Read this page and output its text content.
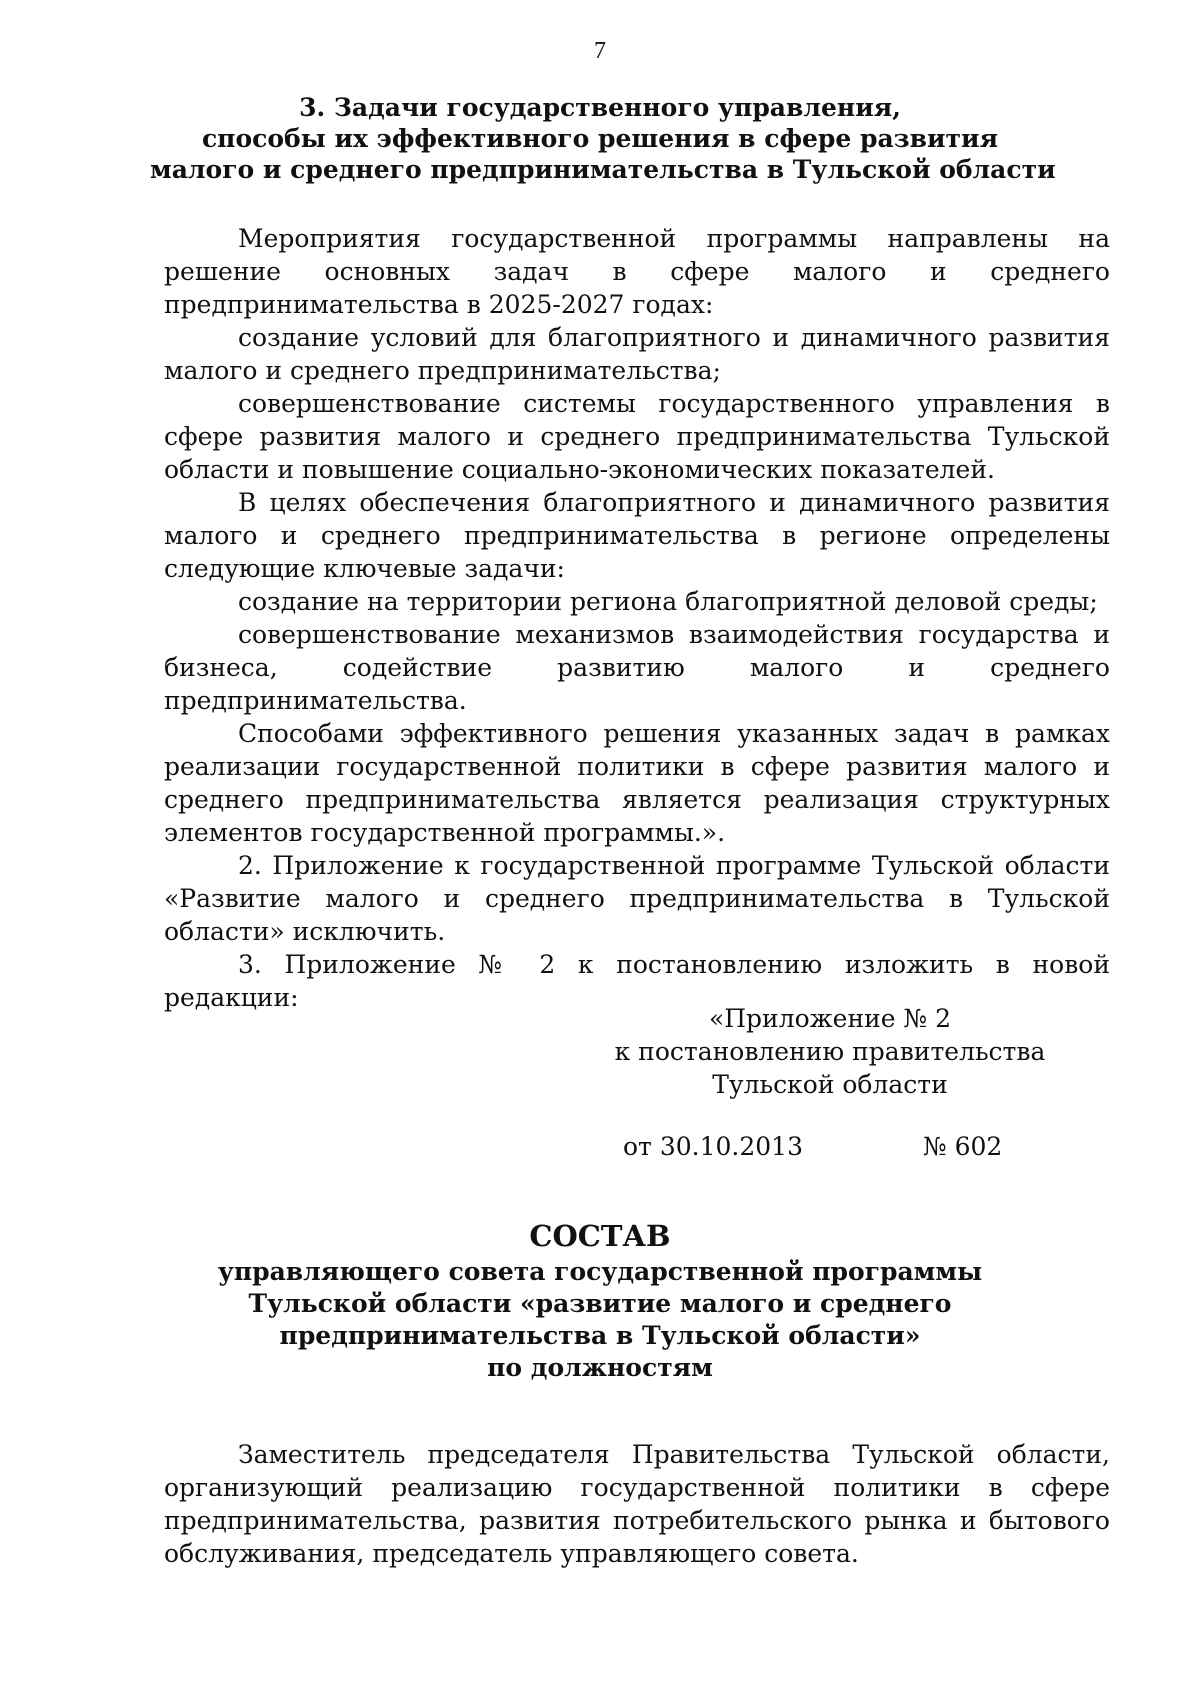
7
3. Задачи государственного управления,
способы их эффективного решения в сфере развития
малого и среднего предпринимательства в Тульской области

Мероприятия государственной программы направлены на решение основных задач в сфере малого и среднего предпринимательства в 2025-2027 годах:

создание условий для благоприятного и динамичного развития малого и среднего предпринимательства;

совершенствование системы государственного управления в сфере развития малого и среднего предпринимательства Тульской области и повышение социально-экономических показателей.

В целях обеспечения благоприятного и динамичного развития малого и среднего предпринимательства в регионе определены следующие ключевые задачи:

создание на территории региона благоприятной деловой среды;

совершенствование механизмов взаимодействия государства и бизнеса, содействие развитию малого и среднего предпринимательства.

Способами эффективного решения указанных задач в рамках реализации государственной политики в сфере развития малого и среднего предпринимательства является реализация структурных элементов государственной программы.».

2. Приложение к государственной программе Тульской области «Развитие малого и среднего предпринимательства в Тульской области» исключить.

3. Приложение № 2 к постановлению изложить в новой редакции:

«Приложение № 2
к постановлению правительства
Тульской области
от 30.10.2013	№ 602
СОСТАВ
управляющего совета государственной программы
Тульской области «развитие малого и среднего
предпринимательства в Тульской области»
по должностям

Заместитель председателя Правительства Тульской области, организующий реализацию государственной политики в сфере предпринимательства, развития потребительского рынка и бытового обслуживания, председатель управляющего совета.
